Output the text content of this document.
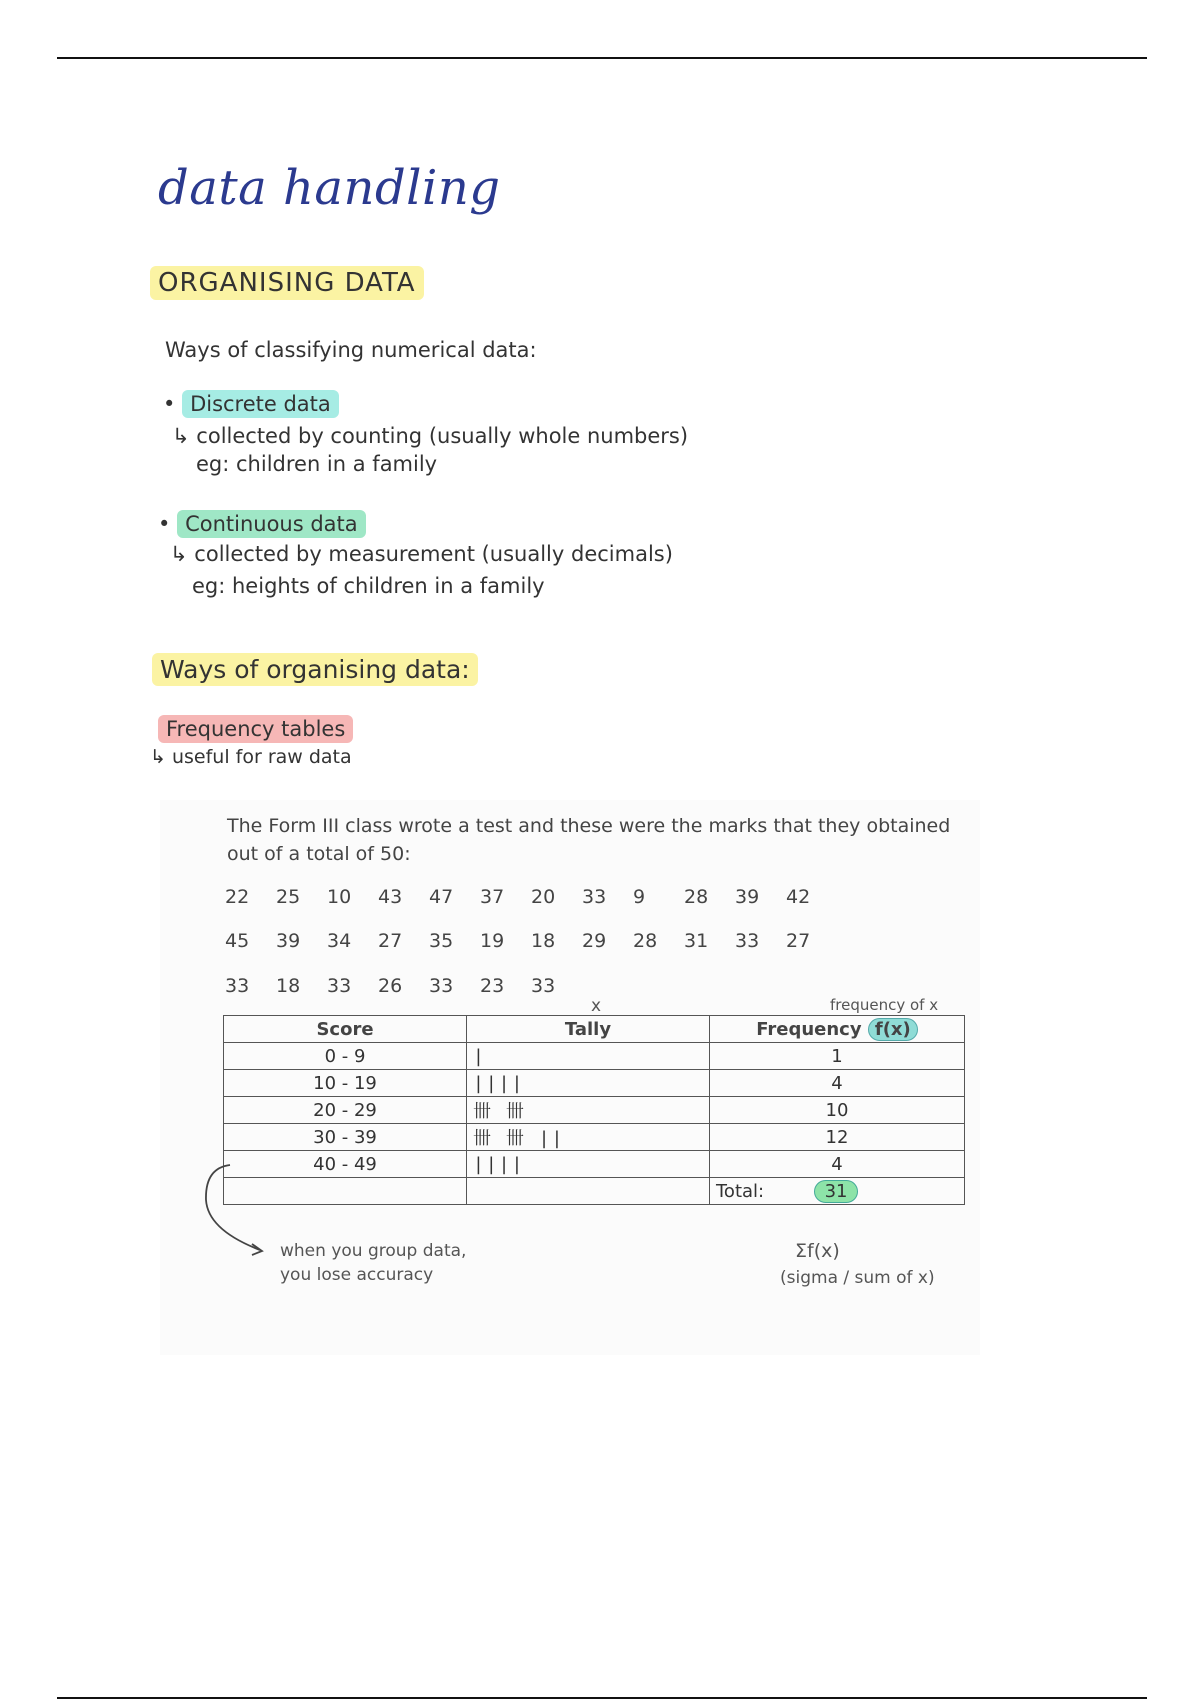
data handling
ORGANISING DATA
Ways of classifying numerical data:
• Discrete data
↳ collected by counting (usually whole numbers)
eg: children in a family
• Continuous data
↳ collected by measurement (usually decimals)
eg: heights of children in a family
Ways of organising data:
Frequency tables
↳ useful for raw data
The Form III class wrote a test and these were the marks that they obtained out of a total of 50:
22	25	10	43	47	37	20	33	9	28	39	42
45	39	34	27	35	19	18	29	28	31	33	27
33	18	33	26	33	23	33
x	frequency of x
Score	Tally	Frequency f(x)
0 - 9	|	1
10 - 19	||||	4
20 - 29	卌 卌	10
30 - 39	卌 卌 ||	12
40 - 49	||||	4
		Total: 31
when you group data,
you lose accuracy
Σf(x)
(sigma / sum of x)
